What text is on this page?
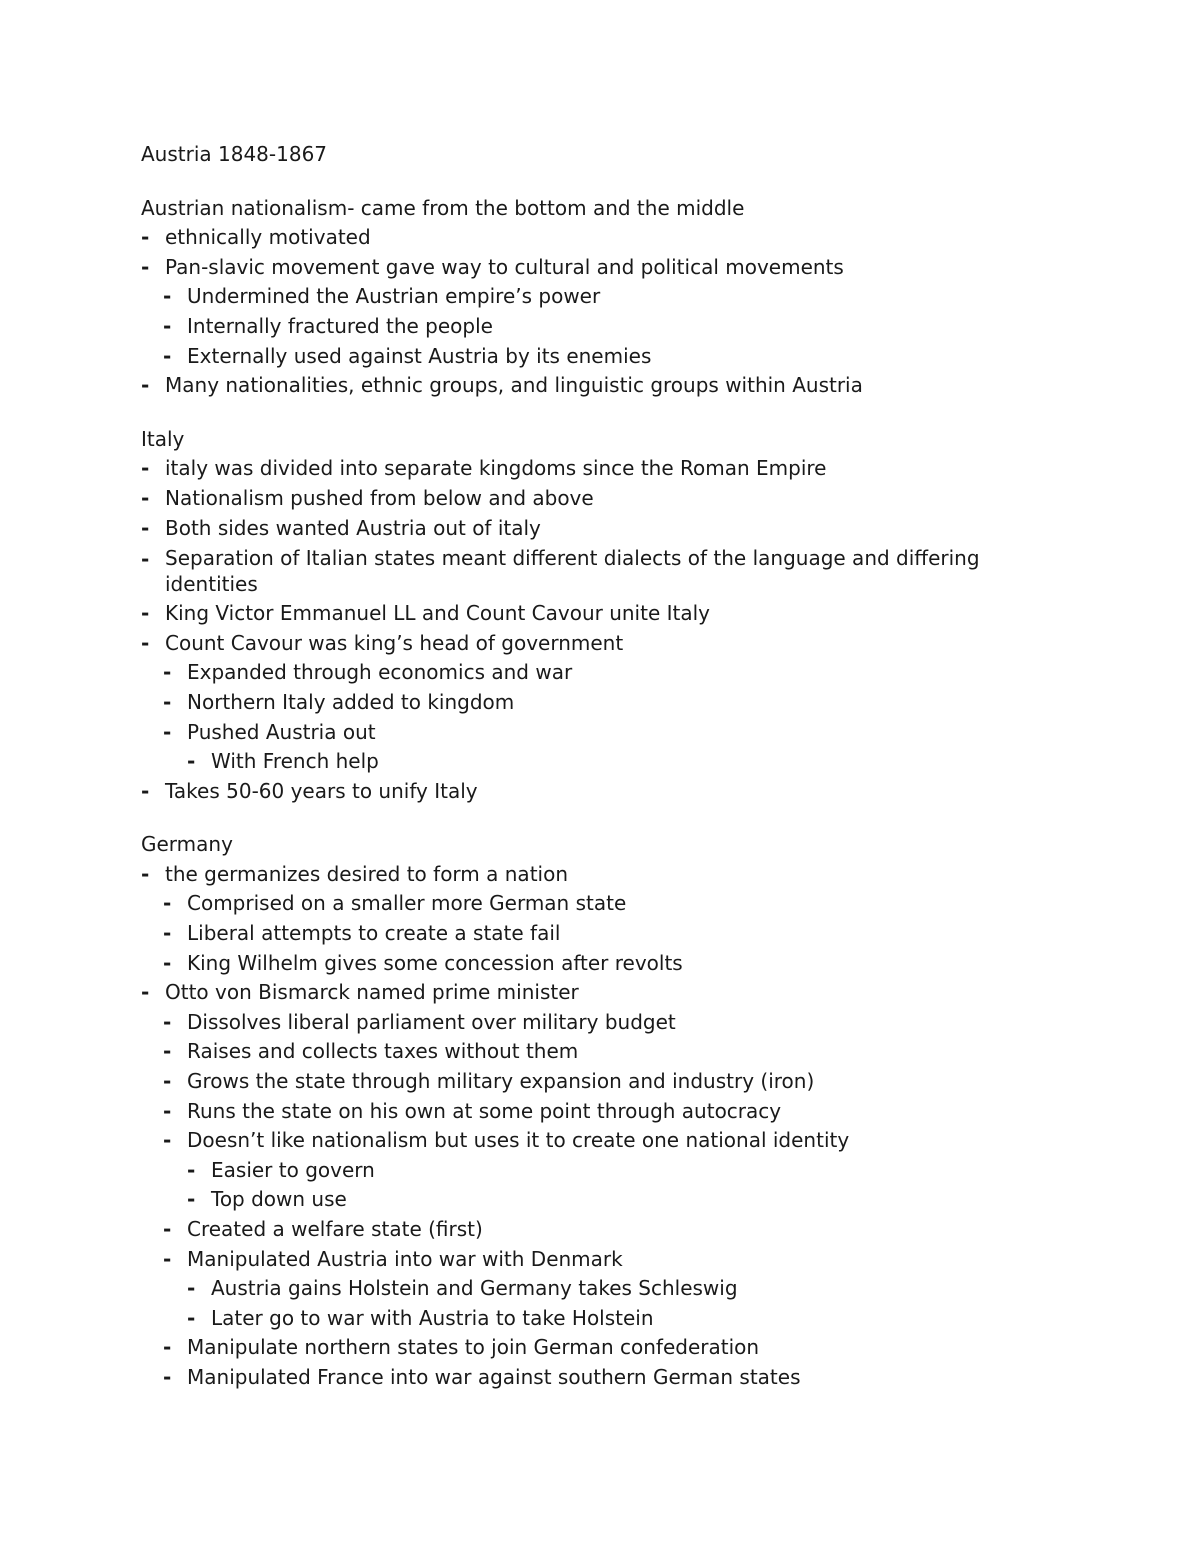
Austria 1848-1867
Austrian nationalism- came from the bottom and the middle
- ethnically motivated
- Pan-slavic movement gave way to cultural and political movements
- Undermined the Austrian empire’s power
- Internally fractured the people
- Externally used against Austria by its enemies
- Many nationalities, ethnic groups, and linguistic groups within Austria
Italy
- italy was divided into separate kingdoms since the Roman Empire
- Nationalism pushed from below and above
- Both sides wanted Austria out of italy
- Separation of Italian states meant different dialects of the language and differing identities
- King Victor Emmanuel LL and Count Cavour unite Italy
- Count Cavour was king’s head of government
- Expanded through economics and war
- Northern Italy added to kingdom
- Pushed Austria out
- With French help
- Takes 50-60 years to unify Italy
Germany
- the germanizes desired to form a nation
- Comprised on a smaller more German state
- Liberal attempts to create a state fail
- King Wilhelm gives some concession after revolts
- Otto von Bismarck named prime minister
- Dissolves liberal parliament over military budget
- Raises and collects taxes without them
- Grows the state through military expansion and industry (iron)
- Runs the state on his own at some point through autocracy
- Doesn’t like nationalism but uses it to create one national identity
- Easier to govern
- Top down use
- Created a welfare state (first)
- Manipulated Austria into war with Denmark
- Austria gains Holstein and Germany takes Schleswig
- Later go to war with Austria to take Holstein
- Manipulate northern states to join German confederation
- Manipulated France into war against southern German states
